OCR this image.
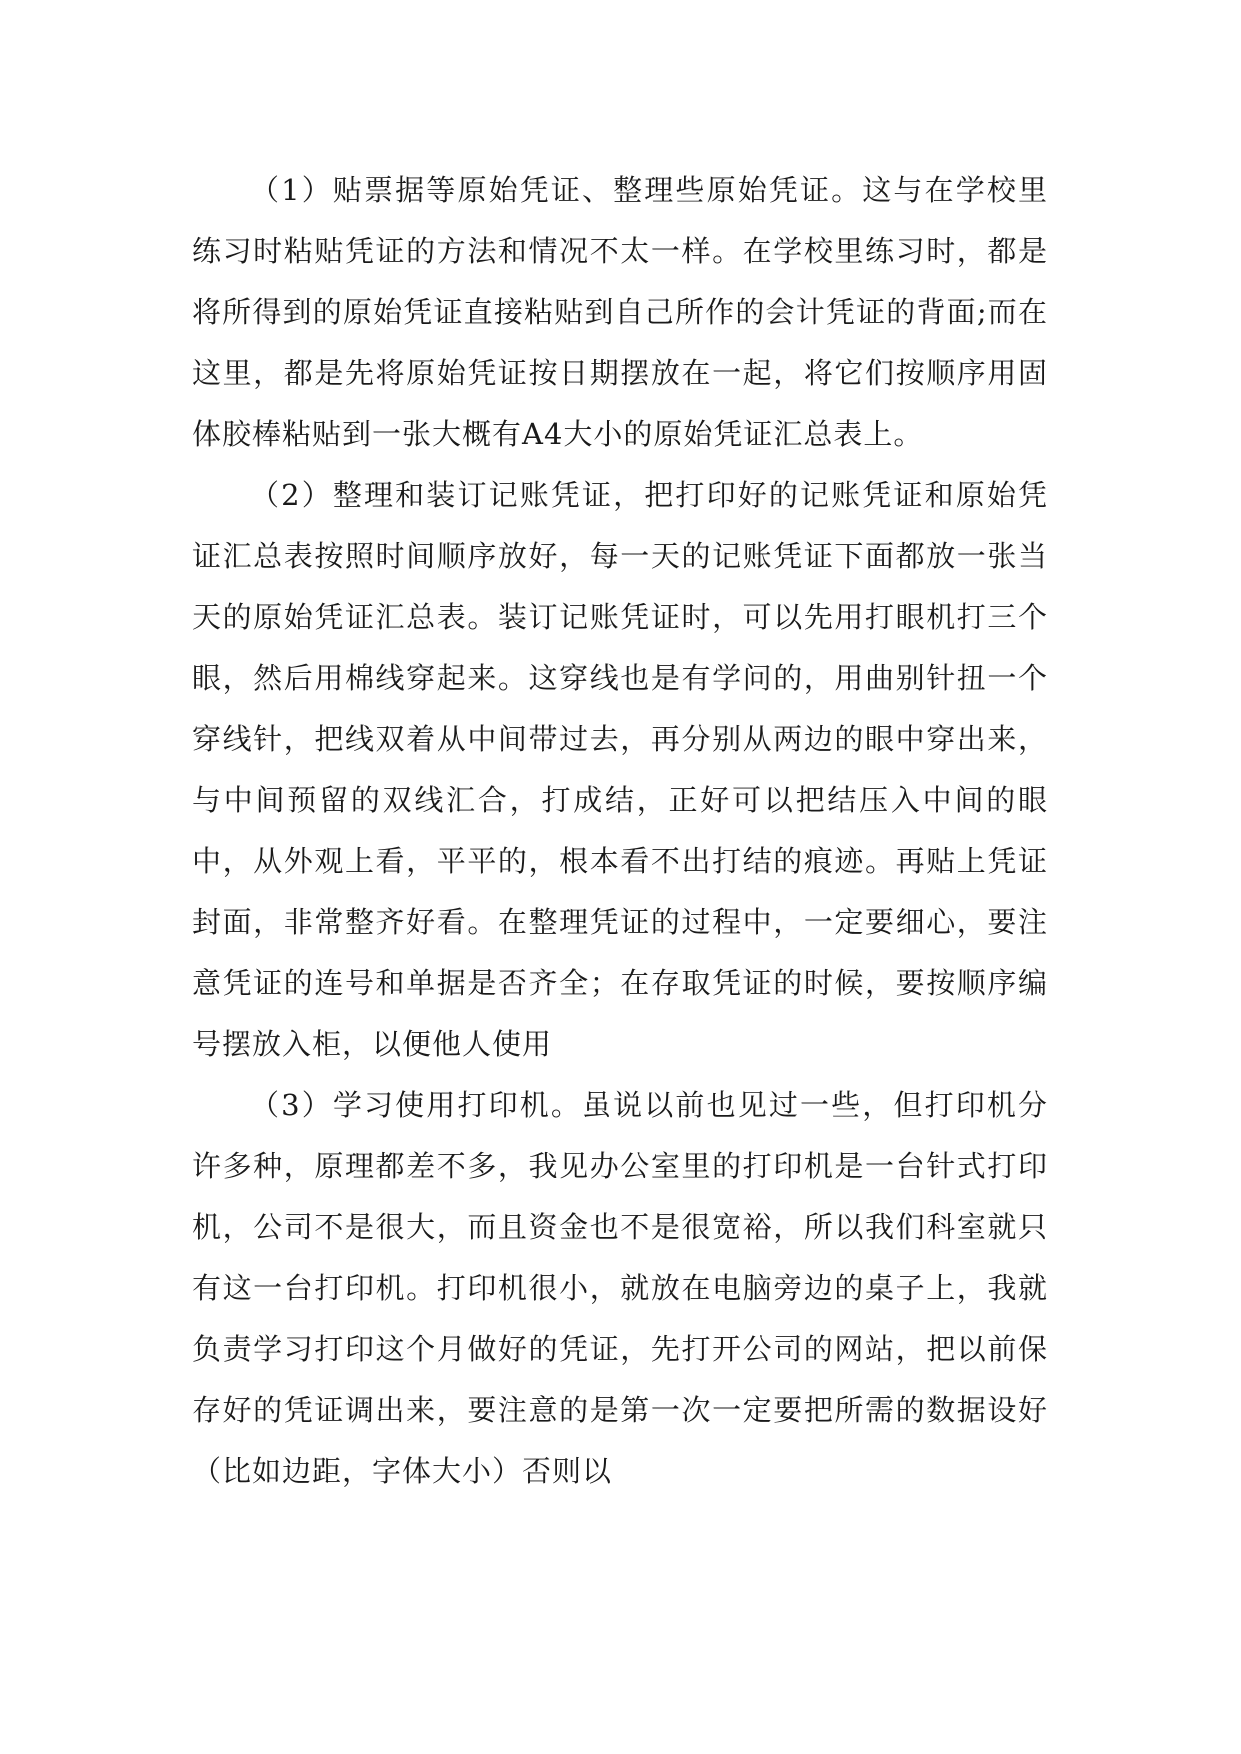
（1）贴票据等原始凭证、整理些原始凭证。这与在学校里练习时粘贴凭证的方法和情况不太一样。在学校里练习时，都是将所得到的原始凭证直接粘贴到自己所作的会计凭证的背面;而在这里，都是先将原始凭证按日期摆放在一起，将它们按顺序用固体胶棒粘贴到一张大概有A4大小的原始凭证汇总表上。

（2）整理和装订记账凭证，把打印好的记账凭证和原始凭证汇总表按照时间顺序放好，每一天的记账凭证下面都放一张当天的原始凭证汇总表。装订记账凭证时，可以先用打眼机打三个眼，然后用棉线穿起来。这穿线也是有学问的，用曲别针扭一个穿线针，把线双着从中间带过去，再分别从两边的眼中穿出来，与中间预留的双线汇合，打成结，正好可以把结压入中间的眼中，从外观上看，平平的，根本看不出打结的痕迹。再贴上凭证封面，非常整齐好看。在整理凭证的过程中，一定要细心，要注意凭证的连号和单据是否齐全；在存取凭证的时候，要按顺序编号摆放入柜，以便他人使用

（3）学习使用打印机。虽说以前也见过一些，但打印机分许多种，原理都差不多，我见办公室里的打印机是一台针式打印机，公司不是很大，而且资金也不是很宽裕，所以我们科室就只有这一台打印机。打印机很小，就放在电脑旁边的桌子上，我就负责学习打印这个月做好的凭证，先打开公司的网站，把以前保存好的凭证调出来，要注意的是第一次一定要把所需的数据设好（比如边距，字体大小）否则以
